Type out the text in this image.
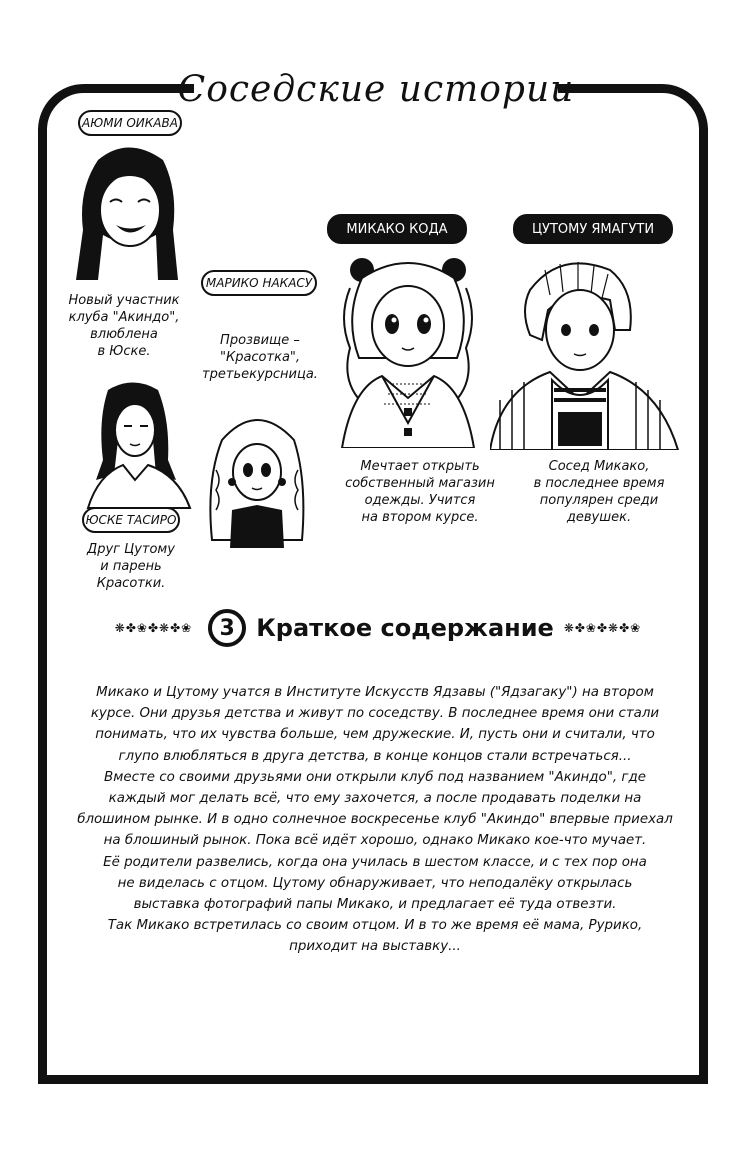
Соседские истории
АЮМИ ОИКАВА
Новый участник
клуба "Акиндо",
влюблена
в Юске.
ЮСКЕ ТАСИРО
Друг Цутому
и парень
Красотки.
МАРИКО НАКАСУ
Прозвище –
"Красотка",
третьекурсница.
МИКАКО КОДА
Мечтает открыть
собственный магазин
одежды. Учится
на втором курсе.
ЦУТОМУ ЯМАГУТИ
Сосед Микако,
в последнее время
популярен среди
девушек.
❋✤❀✤❋✤❀	3 Краткое содержание ❋✤❀✤❋✤❀

Микако и Цутому учатся в Институте Искусств Ядзавы ("Ядзагаку") на втором

курсе. Они друзья детства и живут по соседству. В последнее время они стали

понимать, что их чувства больше, чем дружеские. И, пусть они и считали, что

глупо влюбляться в друга детства, в конце концов стали встречаться...

Вместе со своими друзьями они открыли клуб под названием "Акиндо", где

каждый мог делать всё, что ему захочется, а после продавать поделки на

блошином рынке. И в одно солнечное воскресенье клуб "Акиндо" впервые приехал

на блошиный рынок. Пока всё идёт хорошо, однако Микако кое-что мучает.

Её родители развелись, когда она училась в шестом классе, и с тех пор она

не виделась с отцом. Цутому обнаруживает, что неподалёку открылась

выставка фотографий папы Микако, и предлагает её туда отвезти.

Так Микако встретилась со своим отцом. И в то же время её мама, Рурико,

приходит на выставку...
